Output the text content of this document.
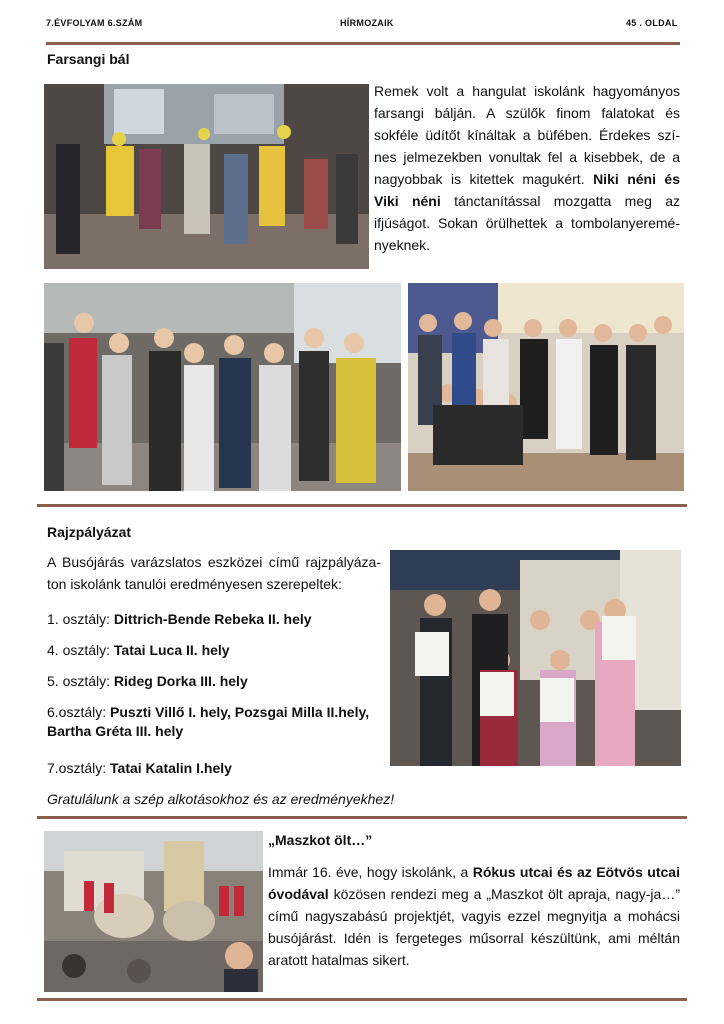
7.ÉVFOLYAM 6.SZÁM	HÍRMOZAIK	45 . OLDAL
Farsangi bál
Remek volt a hangulat iskolánk hagyományos farsangi bálján. A szülők finom falatokat és sokféle üdítőt kínáltak a büfében. Érdekes szí-nes jelmezekben vonultak fel a kisebbek, de a nagyobbak is kitettek magukért. Niki néni és Viki néni tánctanítással mozgatta meg az ifjúságot. Sokan örülhettek a tombolanyeremé-nyeknek.
Rajzpályázat
A Busójárás varázslatos eszközei című rajzpályáza-ton iskolánk tanulói eredményesen szerepeltek:
1. osztály: Dittrich-Bende Rebeka II. hely
4. osztály: Tatai Luca II. hely
5. osztály: Rideg Dorka III. hely
6.osztály: Puszti Villő I. hely, Pozsgai Milla II.hely,
Bartha Gréta III. hely
7.osztály: Tatai Katalin I.hely
Gratulálunk a szép alkotásokhoz és az eredményekhez!
„Maszkot ölt…”
Immár 16. éve, hogy iskolánk, a Rókus utcai és az Eötvös utcai óvodával közösen rendezi meg a „Maszkot ölt apraja, nagy-ja…” című nagyszabású projektjét, vagyis ezzel megnyitja a mohácsi busójárást. Idén is fergeteges műsorral készültünk, ami méltán aratott hatalmas sikert.
